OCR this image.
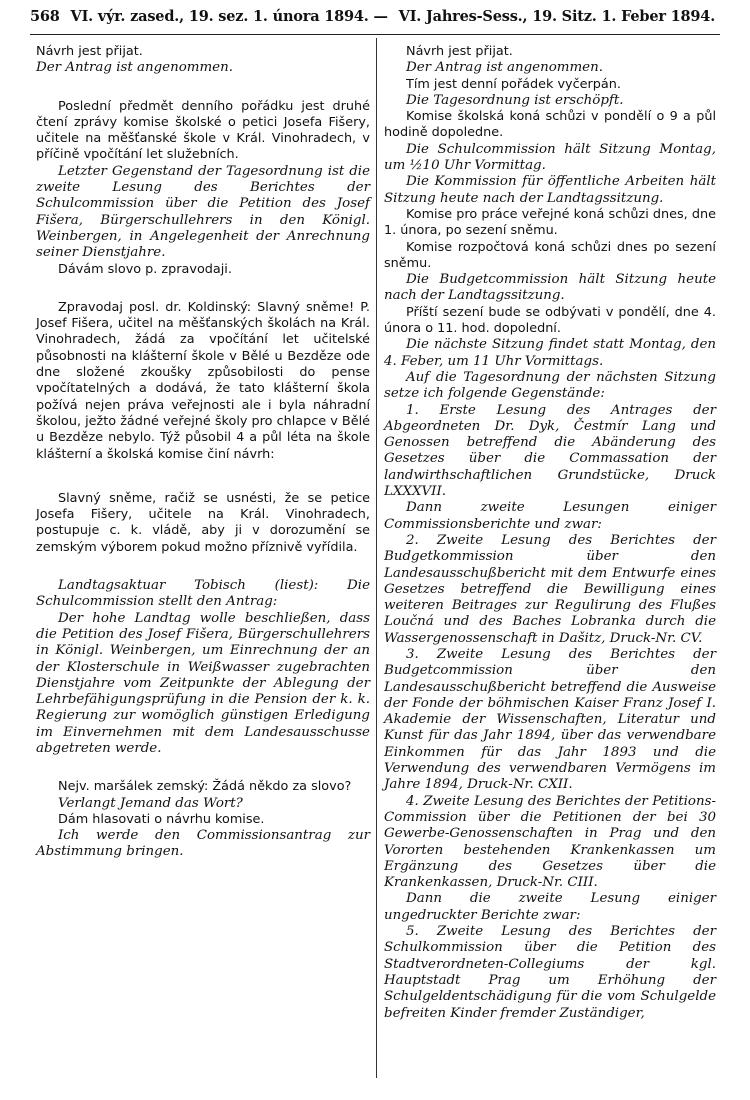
568 VI. výr. zased., 19. sez. 1. února 1894. — VI. Jahres-Sess., 19. Sitz. 1. Feber 1894.
Návrh jest přijat.
Der Antrag ist angenommen.
Poslední předmět denního pořádku jest druhé čtení zprávy komise školské o petici Josefa Fišery, učitele na měšťanské škole v Král. Vinohradech, v příčině vpočítání let služebních.
Letzter Gegenstand der Tagesordnung ist die zweite Lesung des Berichtes der Schulcommission über die Petition des Josef Fišera, Bürgerschullehrers in den Königl. Weinbergen, in Angelegenheit der Anrechnung seiner Dienstjahre.
Dávám slovo p. zpravodaji.
Zpravodaj posl. dr. Koldinský: Slavný sněme! P. Josef Fišera, učitel na měšťanských školách na Král. Vinohradech, žádá za vpočítání let učitelské působnosti na klášterní škole v Bělé u Bezděze ode dne složené zkoušky způsobilosti do pense vpočítatelných a dodává, že tato klášterní škola požívá nejen práva veřejnosti ale i byla náhradní školou, ježto žádné veřejné školy pro chlapce v Bělé u Bezděze nebylo. Týž působil 4 a půl léta na škole klášterní a školská komise činí návrh:
Slavný sněme, račiž se usnésti, že se petice Josefa Fišery, učitele na Král. Vinohradech, postupuje c. k. vládě, aby ji v dorozumění se zemským výborem pokud možno příznivě vyřídila.
Landtagsaktuar Tobisch (liest): Die Schulcommission stellt den Antrag:
Der hohe Landtag wolle beschließen, dass die Petition des Josef Fišera, Bürgerschullehrers in Königl. Weinbergen, um Einrechnung der an der Klosterschule in Weißwasser zugebrachten Dienstjahre vom Zeitpunkte der Ablegung der Lehrbefähigungsprüfung in die Pension der k. k. Regierung zur womöglich günstigen Erledigung im Einvernehmen mit dem Landesausschusse abgetreten werde.
Nejv. maršálek zemský: Žádá někdo za slovo?
Verlangt Jemand das Wort?
Dám hlasovati o návrhu komise.
Ich werde den Commissionsantrag zur Abstimmung bringen.
Návrh jest přijat.
Der Antrag ist angenommen.
Tím jest denní pořádek vyčerpán.
Die Tagesordnung ist erschöpft.
Komise školská koná schůzi v pondělí o 9 a půl hodině dopoledne.
Die Schulcommission hält Sitzung Montag, um ½10 Uhr Vormittag.
Die Kommission für öffentliche Arbeiten hält Sitzung heute nach der Landtagssitzung.
Komise pro práce veřejné koná schůzi dnes, dne 1. února, po sezení sněmu.
Komise rozpočtová koná schůzi dnes po sezení sněmu.
Die Budgetcommission hält Sitzung heute nach der Landtagssitzung.
Příští sezení bude se odbývati v pondělí, dne 4. února o 11. hod. dopolední.
Die nächste Sitzung findet statt Montag, den 4. Feber, um 11 Uhr Vormittags.
Auf die Tagesordnung der nächsten Sitzung setze ich folgende Gegenstände:
1. Erste Lesung des Antrages der Abgeordneten Dr. Dyk, Čestmír Lang und Genossen betreffend die Abänderung des Gesetzes über die Commassation der landwirthschaftlichen Grundstücke, Druck LXXXVII.
Dann zweite Lesungen einiger Commissionsberichte und zwar:
2. Zweite Lesung des Berichtes der Budgetkommission über den Landesausschußbericht mit dem Entwurfe eines Gesetzes betreffend die Bewilligung eines weiteren Beitrages zur Regulirung des Flußes Loučná und des Baches Lobranka durch die Wassergenossenschaft in Dašitz, Druck-Nr. CV.
3. Zweite Lesung des Berichtes der Budgetcommission über den Landesausschußbericht betreffend die Ausweise der Fonde der böhmischen Kaiser Franz Josef I. Akademie der Wissenschaften, Literatur und Kunst für das Jahr 1894, über das verwendbare Einkommen für das Jahr 1893 und die Verwendung des verwendbaren Vermögens im Jahre 1894, Druck-Nr. CXII.
4. Zweite Lesung des Berichtes der Petitions-Commission über die Petitionen der bei 30 Gewerbe-Genossenschaften in Prag und den Vororten bestehenden Krankenkassen um Ergänzung des Gesetzes über die Krankenkassen, Druck-Nr. CIII.
Dann die zweite Lesung einiger ungedruckter Berichte zwar:
5. Zweite Lesung des Berichtes der Schulkommission über die Petition des Stadtverordneten-Collegiums der kgl. Hauptstadt Prag um Erhöhung der Schulgeldentschädigung für die vom Schulgelde befreiten Kinder fremder Zuständiger,
